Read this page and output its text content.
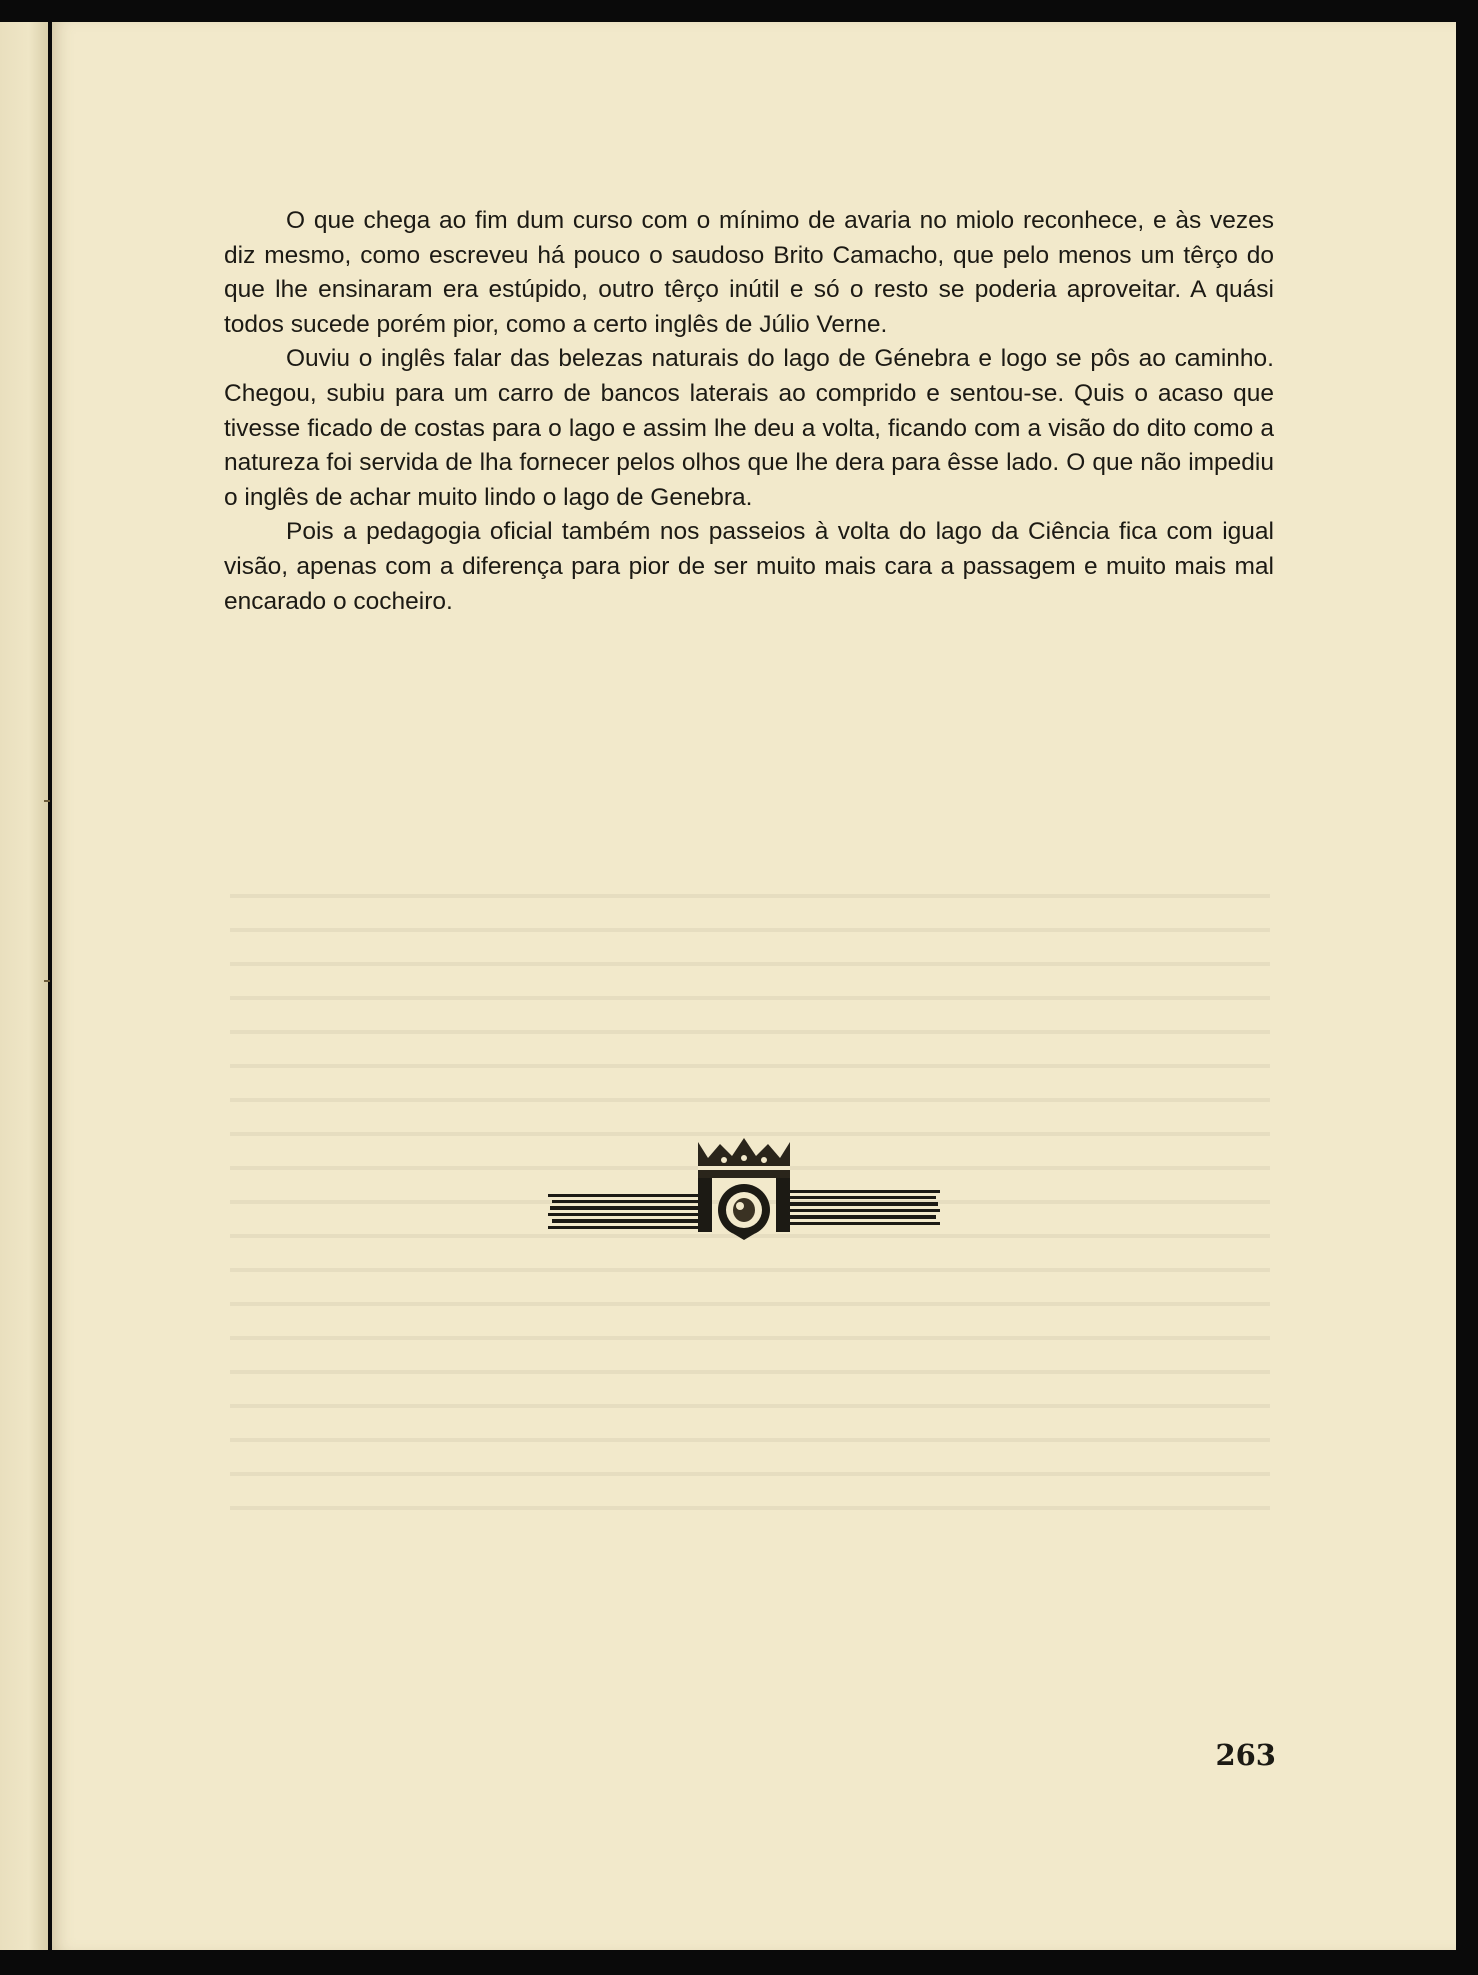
O que chega ao fim dum curso com o mínimo de avaria no miolo reconhece, e às vezes diz mesmo, como escreveu há pouco o saudoso Brito Camacho, que pelo menos um têrço do que lhe ensinaram era estúpido, outro têrço inútil e só o resto se poderia aproveitar. A quási todos sucede porém pior, como a certo inglês de Júlio Verne.

Ouviu o inglês falar das belezas naturais do lago de Génebra e logo se pôs ao caminho. Chegou, subiu para um carro de bancos laterais ao comprido e sentou-se. Quis o acaso que tivesse ficado de costas para o lago e assim lhe deu a volta, ficando com a visão do dito como a natureza foi servida de lha fornecer pelos olhos que lhe dera para êsse lado. O que não impediu o inglês de achar muito lindo o lago de Genebra.

Pois a pedagogia oficial também nos passeios à volta do lago da Ciência fica com igual visão, apenas com a diferença para pior de ser muito mais cara a passagem e muito mais mal encarado o cocheiro.

263
